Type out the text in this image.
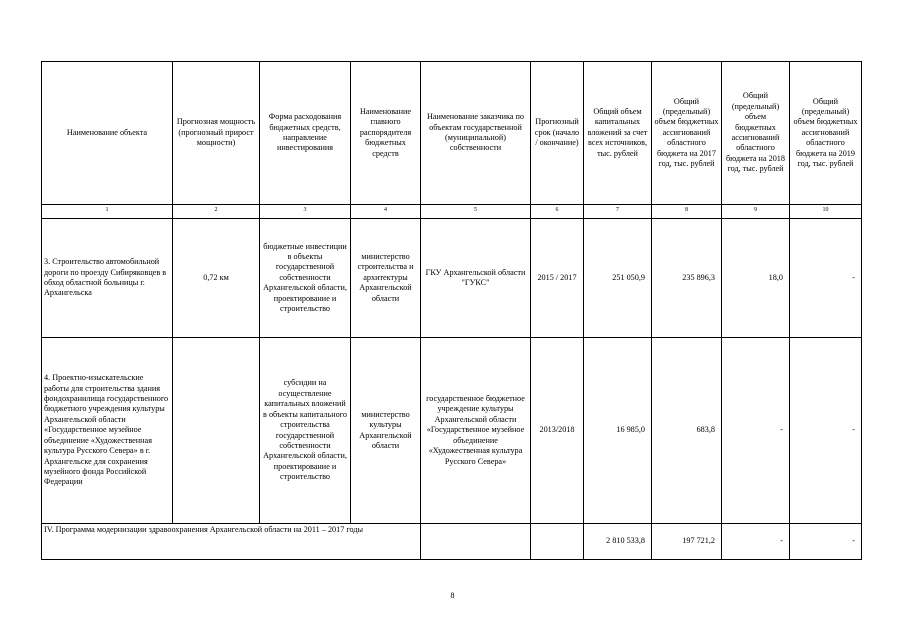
Наименование объекта	Прогнозная мощность (прогнозный прирост мощности)	Форма расходования бюджетных средств, направление инвестирования	Наименование главного распорядителя бюджетных средств	Наименование заказчика по объектам государственной (муниципальной) собственности	Прогнозный срок (начало / окончание)	Общий объем капитальных вложений за счет всех источников, тыс. рублей	Общий (предельный) объем бюджетных ассигнований областного бюджета на 2017 год, тыс. рублей	Общий (предельный) объем бюджетных ассигнований областного бюджета на 2018 год, тыс. рублей	Общий (предельный) объем бюджетных ассигнований областного бюджета на 2019 год, тыс. рублей
1	2	3	4	5	6	7	8	9	10
3. Строительство автомобильной дороги по проезду Сибиряковцев в обход областной больницы г. Архангельска	0,72 км	бюджетные инвестиции в объекты государственной собственности Архангельской области, проектирование и строительство	министерство строительства и архитектуры Архангельской области	ГКУ Архангельской области "ГУКС"	2015 / 2017	251 050,9	235 896,3	18,0	-
4. Проектно-изыскательские работы для строительства здания фондохранилища государственного бюджетного учреждения культуры Архангельской области «Государственное музейное объединение «Художественная культура Русского Севера» в г. Архангельске для сохранения музейного фонда Российской Федерации		субсидии на осуществление капитальных вложений в объекты капитального строительства государственной собственности Архангельской области, проектирование и строительство	министерство культуры Архангельской области	государственное бюджетное учреждение культуры Архангельской области «Государственное музейное объединение «Художественная культура Русского Севера»	2013/2018	16 985,0	683,8	-	-
IV. Программа модернизации здравоохранения Архангельской области на 2011 – 2017 годы						2 810 533,8	197 721,2	-	-
8
